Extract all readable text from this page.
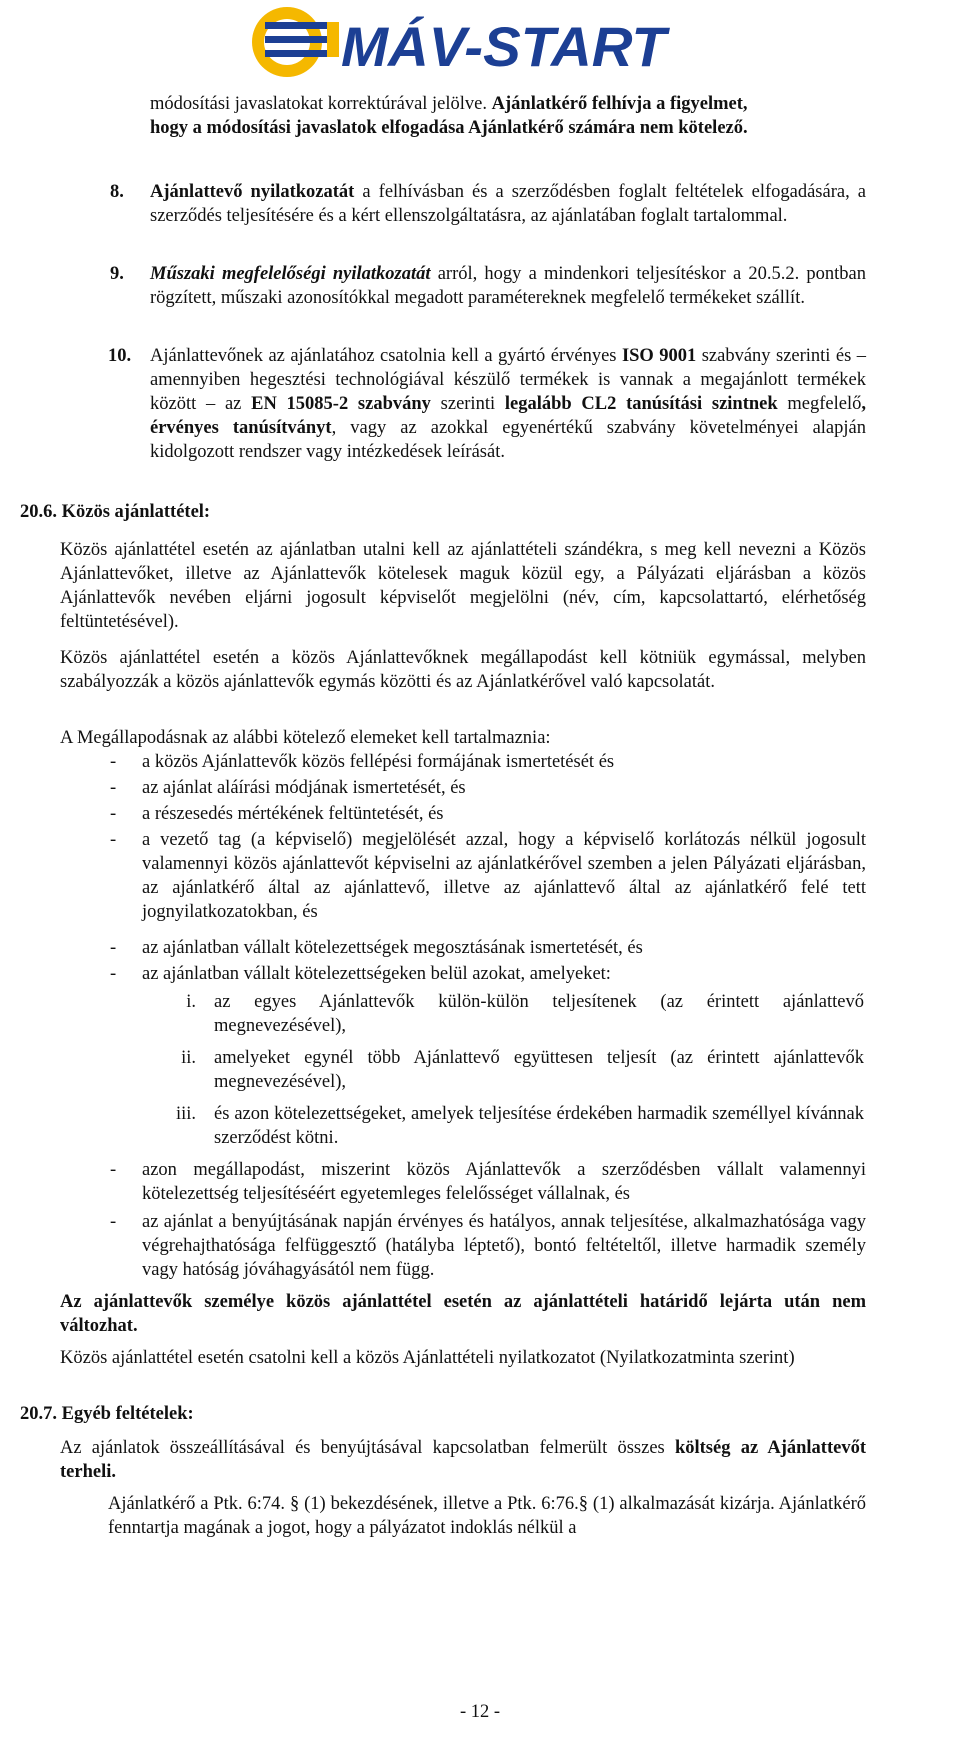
MÁV-START
módosítási javaslatokat korrektúrával jelölve. Ajánlatkérő felhívja a figyelmet,
hogy a módosítási javaslatok elfogadása Ajánlatkérő számára nem kötelező.
8. Ajánlattevő nyilatkozatát a felhívásban és a szerződésben foglalt feltételek elfogadására, a szerződés teljesítésére és a kért ellenszolgáltatásra, az ajánlatában foglalt tartalommal.
9. Műszaki megfelelőségi nyilatkozatát arról, hogy a mindenkori teljesítéskor a 20.5.2. pontban rögzített, műszaki azonosítókkal megadott paramétereknek megfelelő termékeket szállít.
10. Ajánlattevőnek az ajánlatához csatolnia kell a gyártó érvényes ISO 9001 szabvány szerinti és – amennyiben hegesztési technológiával készülő termékek is vannak a megajánlott termékek között – az EN 15085-2 szabvány szerinti legalább CL2 tanúsítási szintnek megfelelő, érvényes tanúsítványt, vagy az azokkal egyenértékű szabvány követelményei alapján kidolgozott rendszer vagy intézkedések leírását.
20.6. Közös ajánlattétel:
Közös ajánlattétel esetén az ajánlatban utalni kell az ajánlattételi szándékra, s meg kell nevezni a Közös Ajánlattevőket, illetve az Ajánlattevők kötelesek maguk közül egy, a Pályázati eljárásban a közös Ajánlattevők nevében eljárni jogosult képviselőt megjelölni (név, cím, kapcsolattartó, elérhetőség feltüntetésével).
Közös ajánlattétel esetén a közös Ajánlattevőknek megállapodást kell kötniük egymással, melyben szabályozzák a közös ajánlattevők egymás közötti és az Ajánlatkérővel való kapcsolatát.
A Megállapodásnak az alábbi kötelező elemeket kell tartalmaznia:
- a közös Ajánlattevők közös fellépési formájának ismertetését és
- az ajánlat aláírási módjának ismertetését, és
- a részesedés mértékének feltüntetését, és
- a vezető tag (a képviselő) megjelölését azzal, hogy a képviselő korlátozás nélkül jogosult valamennyi közös ajánlattevőt képviselni az ajánlatkérővel szemben a jelen Pályázati eljárásban, az ajánlatkérő által az ajánlattevő, illetve az ajánlattevő által az ajánlatkérő felé tett jognyilatkozatokban, és
- az ajánlatban vállalt kötelezettségek megosztásának ismertetését, és
- az ajánlatban vállalt kötelezettségeken belül azokat, amelyeket:
i. az egyes Ajánlattevők külön-külön teljesítenek (az érintett ajánlattevő megnevezésével),
ii. amelyeket egynél több Ajánlattevő együttesen teljesít (az érintett ajánlattevők megnevezésével),
iii. és azon kötelezettségeket, amelyek teljesítése érdekében harmadik személlyel kívánnak szerződést kötni.
- azon megállapodást, miszerint közös Ajánlattevők a szerződésben vállalt valamennyi kötelezettség teljesítéséért egyetemleges felelősséget vállalnak, és
- az ajánlat a benyújtásának napján érvényes és hatályos, annak teljesítése, alkalmazhatósága vagy végrehajthatósága felfüggesztő (hatályba léptető), bontó feltételtől, illetve harmadik személy vagy hatóság jóváhagyásától nem függ.
Az ajánlattevők személye közös ajánlattétel esetén az ajánlattételi határidő lejárta után nem változhat.
Közös ajánlattétel esetén csatolni kell a közös Ajánlattételi nyilatkozatot (Nyilatkozatminta szerint)
20.7. Egyéb feltételek:
Az ajánlatok összeállításával és benyújtásával kapcsolatban felmerült összes költség az Ajánlattevőt terheli.
Ajánlatkérő a Ptk. 6:74. § (1) bekezdésének, illetve a Ptk. 6:76.§ (1) alkalmazását kizárja. Ajánlatkérő fenntartja magának a jogot, hogy a pályázatot indoklás nélkül a
- 12 -
